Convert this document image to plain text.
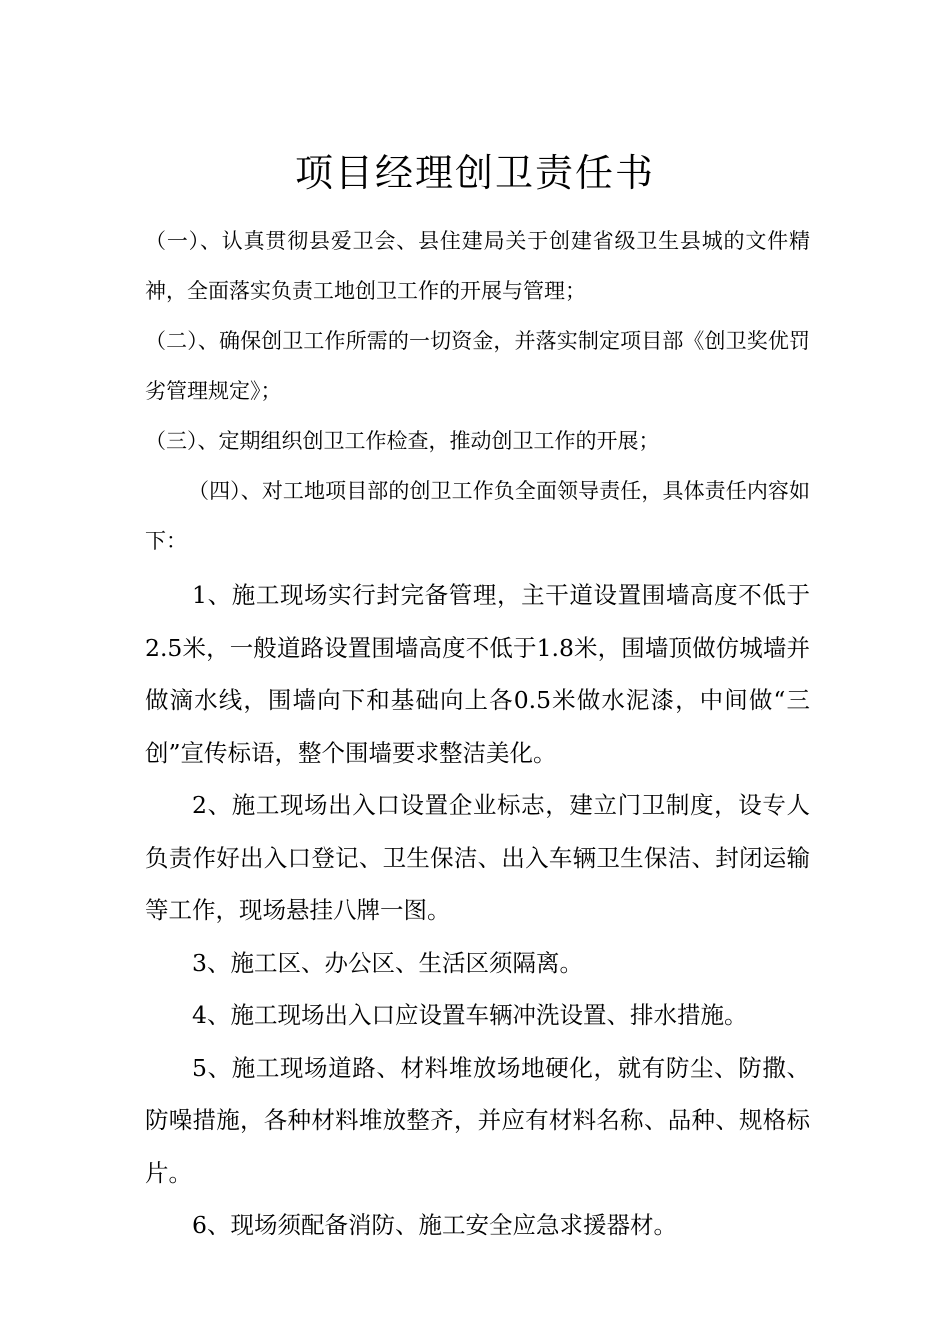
项目经理创卫责任书

（一）、认真贯彻县爱卫会、县住建局关于创建省级卫生县城的文件精神，全面落实负责工地创卫工作的开展与管理；

（二）、确保创卫工作所需的一切资金，并落实制定项目部《创卫奖优罚劣管理规定》；

（三）、定期组织创卫工作检查，推动创卫工作的开展；

（四）、对工地项目部的创卫工作负全面领导责任，具体责任内容如下：

1、施工现场实行封完备管理，主干道设置围墙高度不低于2.5米，一般道路设置围墙高度不低于1.8米，围墙顶做仿城墙并做滴水线，围墙向下和基础向上各0.5米做水泥漆，中间做“三创”宣传标语，整个围墙要求整洁美化。

2、施工现场出入口设置企业标志，建立门卫制度，设专人负责作好出入口登记、卫生保洁、出入车辆卫生保洁、封闭运输等工作，现场悬挂八牌一图。

3、施工区、办公区、生活区须隔离。

4、施工现场出入口应设置车辆冲洗设置、排水措施。

5、施工现场道路、材料堆放场地硬化，就有防尘、防撒、防噪措施，各种材料堆放整齐，并应有材料名称、品种、规格标片。

6、现场须配备消防、施工安全应急求援器材。
